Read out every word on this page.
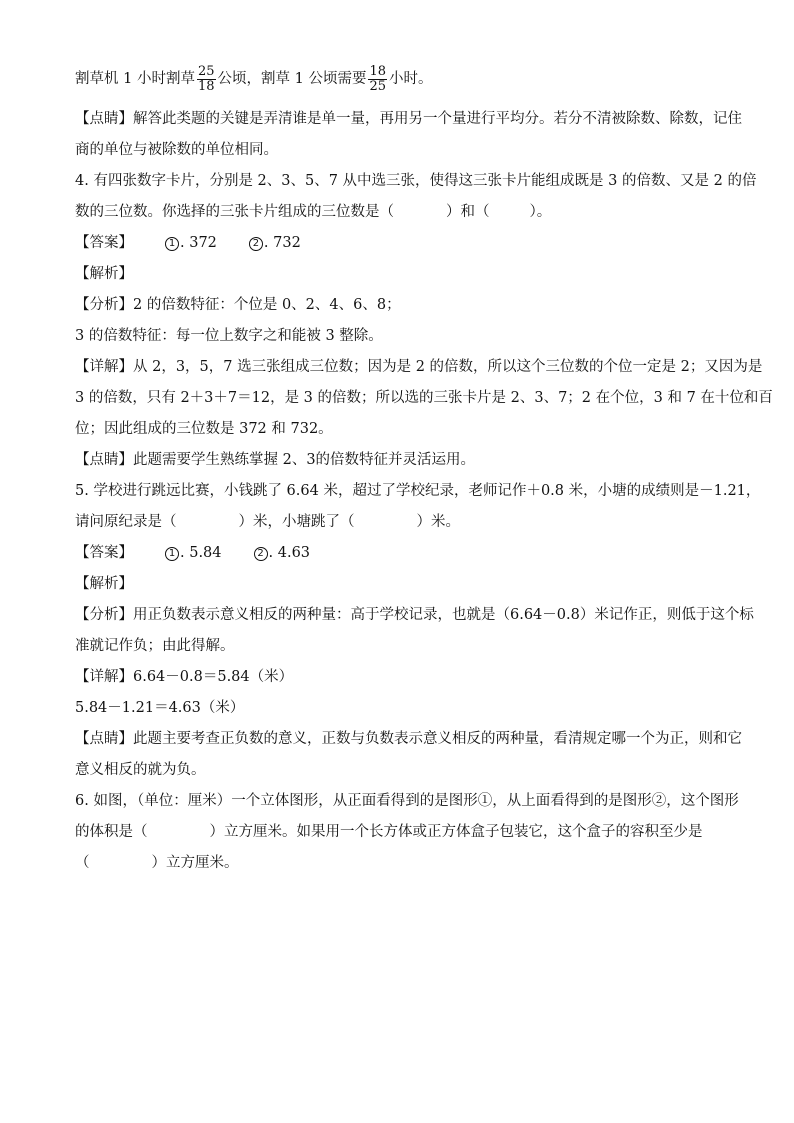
割草机 1 小时割草 $\frac{25}{18}$ 公顷，割草 1 公顷需要 $\frac{18}{25}$ 小时。
【点睛】解答此类题的关键是弄清谁是单一量，再用另一个量进行平均分。若分不清被除数、除数，记住
商的单位与被除数的单位相同。
4. 有四张数字卡片，分别是 2、3、5、7 从中选三张，使得这三张卡片能组成既是 3 的倍数、又是 2 的倍
数的三位数。你选择的三张卡片组成的三位数是（	）和（	）。
【答案】	1 . 372	2 . 732
【解析】
【分析】2 的倍数特征：个位是 0、2、4、6、8；
3 的倍数特征：每一位上数字之和能被 3 整除。
【详解】从 2，3，5，7 选三张组成三位数；因为是 2 的倍数，所以这个三位数的个位一定是 2；又因为是
3 的倍数，只有 2＋3＋7＝12，是 3 的倍数；所以选的三张卡片是 2、3、7；2 在个位，3 和 7 在十位和百
位；因此组成的三位数是 372 和 732。
【点睛】此题需要学生熟练掌握 2、3的倍数特征并灵活运用。
5. 学校进行跳远比赛，小钱跳了 6.64 米，超过了学校纪录，老师记作＋0.8 米，小塘的成绩则是－1.21，
请问原纪录是（	）米，小塘跳了（	）米。
【答案】	1 . 5.84	2 . 4.63
【解析】
【分析】用正负数表示意义相反的两种量：高于学校记录，也就是（6.64－0.8）米记作正，则低于这个标
准就记作负；由此得解。
【详解】6.64－0.8＝5.84（米）
5.84－1.21＝4.63（米）
【点睛】此题主要考查正负数的意义，正数与负数表示意义相反的两种量，看清规定哪一个为正，则和它
意义相反的就为负。
6. 如图，（单位：厘米）一个立体图形，从正面看得到的是图形①，从上面看得到的是图形②，这个图形
的体积是（	）立方厘米。如果用一个长方体或正方体盒子包装它，这个盒子的容积至少是
（	）立方厘米。
